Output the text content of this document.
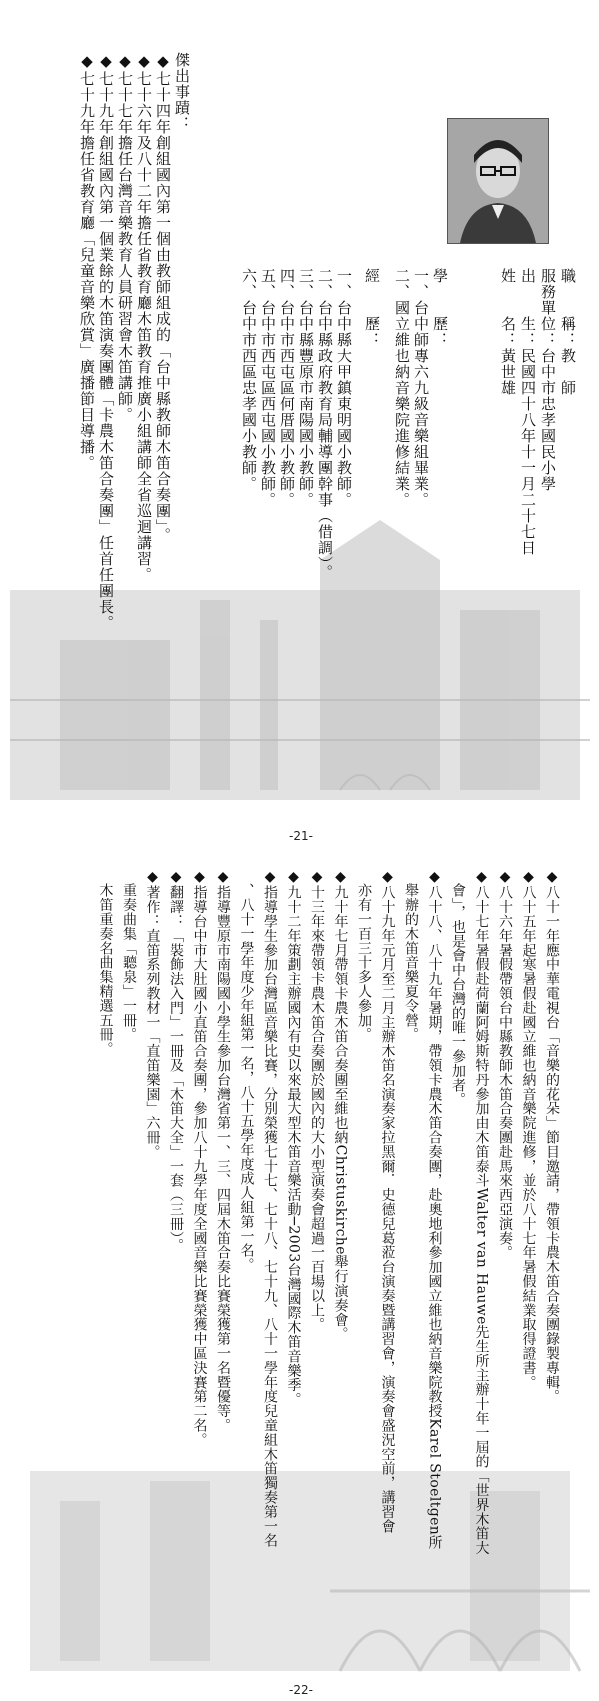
姓　　名：黃世雄 出　　生：民國四十八年十一月二十七日 服務單位：台中市忠孝國民小學 職　　稱：教　師
學　　歷：
一、台中師專六九級音樂組畢業。
二、國立維也納音樂院進修結業。
經　　歷：
一、台中縣大甲鎮東明國小教師。
二、台中縣政府教育局輔導團幹事（借調）。
三、台中縣豐原市南陽國小教師。
四、台中市西屯區何厝國小教師。
五、台中市西屯區西屯國小教師。
六、台中市西區忠孝國小教師。
傑出事蹟：
◆七十四年創組國內第一個由教師組成的「台中縣教師木笛合奏團」。
◆七十六年及八十二年擔任省教育廳木笛教育推廣小組講師全省巡迴講習。
◆七十七年擔任台灣音樂教育人員研習會木笛講師。
◆七十九年創組國內第一個業餘的木笛演奏團體「卡農木笛合奏團」任首任團長。
◆七十九年擔任省教育廳「兒童音樂欣賞」廣播節目導播。
-21-
◆八十一年應中華電視台「音樂的花朵」節目邀請，帶領卡農木笛合奏團錄製專輯。
◆八十五年起寒暑假赴國立維也納音樂院進修，並於八十七年暑假結業取得證書。
◆八十六年暑假帶領台中縣教師木笛合奏團赴馬來西亞演奏。
◆八十七年暑假赴荷蘭阿姆斯特丹參加由木笛泰斗Walter van Hauwe先生所主辦十年一屆的「世界木笛大
　會」，也是會中台灣的唯一參加者。
◆八十八、八十九年暑期，帶領卡農木笛合奏團，赴奧地利參加國立維也納音樂院教授Karel Stoeltgen所
　舉辦的木笛音樂夏令營。
◆八十九年元月至二月主辦木笛名演奏家拉黑爾．史德兒葛蒞台演奏暨講習會，演奏會盛況空前，講習會
　亦有一百三十多人參加。
◆九十年七月帶領卡農木笛合奏團至維也納Christuskirche舉行演奏會。
◆十三年來帶領卡農木笛合奏團於國內的大小型演奏會超過一百場以上。
◆九十二年策劃主辦國內有史以來最大型木笛音樂活動─2003台灣國際木笛音樂季。
◆指導學生參加台灣區音樂比賽，分別榮獲七十七、七十八、七十九、八十一學年度兒童組木笛獨奏第一名
　、八十一學年度少年組第一名，八十五學年度成人組第一名。
◆指導豐原市南陽國小學生參加台灣省第一、三、四屆木笛合奏比賽榮獲第一名暨優等。
◆指導台中市大肚國小直笛合奏團，參加八十九學年度全國音樂比賽榮獲中區決賽第二名。
◆翻譯：「裝飾法入門」一冊及「木笛大全」一套（三冊）。
◆著作：直笛系列教材一「直笛樂園」六冊。
　重奏曲集「聽泉」一冊。
　木笛重奏名曲集精選五冊。
-22-
